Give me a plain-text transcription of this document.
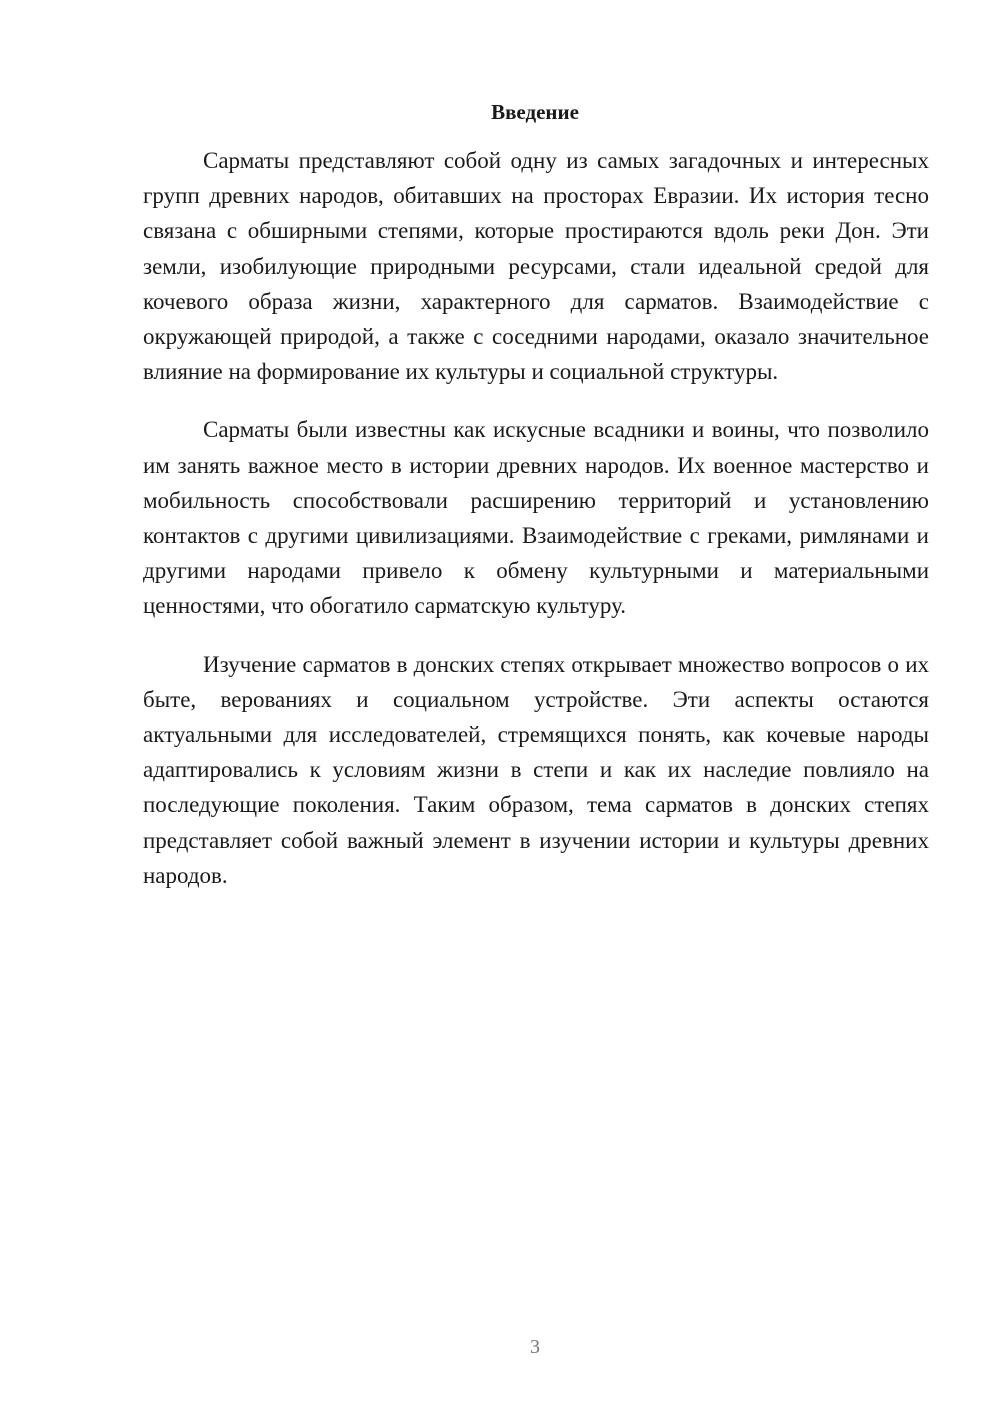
Введение

Сарматы представляют собой одну из самых загадочных и интересных групп древних народов, обитавших на просторах Евразии. Их история тесно связана с обширными степями, которые простираются вдоль реки Дон. Эти земли, изобилующие природными ресурсами, стали идеальной средой для кочевого образа жизни, характерного для сарматов. Взаимодействие с окружающей природой, а также с соседними народами, оказало значительное влияние на формирование их культуры и социальной структуры.

Сарматы были известны как искусные всадники и воины, что позволило им занять важное место в истории древних народов. Их военное мастерство и мобильность способствовали расширению территорий и установлению контактов с другими цивилизациями. Взаимодействие с греками, римлянами и другими народами привело к обмену культурными и материальными ценностями, что обогатило сарматскую культуру.

Изучение сарматов в донских степях открывает множество вопросов о их быте, верованиях и социальном устройстве. Эти аспекты остаются актуальными для исследователей, стремящихся понять, как кочевые народы адаптировались к условиям жизни в степи и как их наследие повлияло на последующие поколения. Таким образом, тема сарматов в донских степях представляет собой важный элемент в изучении истории и культуры древних народов.

3
